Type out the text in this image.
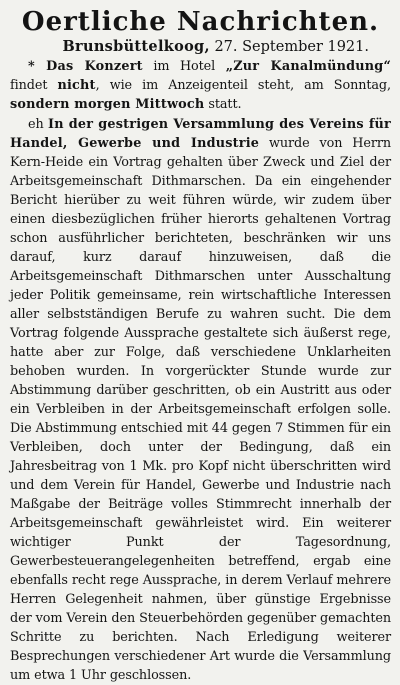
Oertliche Nachrichten.

Brunsbüttelkoog, 27. September 1921.

* Das Konzert im Hotel „Zur Kanalmündung“ findet nicht, wie im Anzeigenteil steht, am Sonntag, sondern morgen Mittwoch statt.

eh In der gestrigen Versammlung des Vereins für Handel, Gewerbe und Industrie wurde von Herrn Kern-Heide ein Vortrag gehalten über Zweck und Ziel der Arbeitsgemeinschaft Dithmarschen. Da ein eingehender Bericht hierüber zu weit führen würde, wir zudem über einen diesbezüglichen früher hierorts gehaltenen Vortrag schon ausführlicher berichteten, beschränken wir uns darauf, kurz darauf hinzuweisen, daß die Arbeitsgemeinschaft Dithmarschen unter Ausschaltung jeder Politik gemeinsame, rein wirtschaftliche Interessen aller selbstständigen Berufe zu wahren sucht. Die dem Vortrag folgende Aussprache gestaltete sich äußerst rege, hatte aber zur Folge, daß verschiedene Unklarheiten behoben wurden. In vorgerückter Stunde wurde zur Abstimmung darüber geschritten, ob ein Austritt aus oder ein Verbleiben in der Arbeitsgemeinschaft erfolgen solle. Die Abstimmung entschied mit 44 gegen 7 Stimmen für ein Verbleiben, doch unter der Bedingung, daß ein Jahresbeitrag von 1 Mk. pro Kopf nicht überschritten wird und dem Verein für Handel, Gewerbe und Industrie nach Maßgabe der Beiträge volles Stimmrecht innerhalb der Arbeitsgemeinschaft gewährleistet wird. Ein weiterer wichtiger Punkt der Tagesordnung, Gewerbesteuerangelegenheiten betreffend, ergab eine ebenfalls recht rege Aussprache, in derem Verlauf mehrere Herren Gelegenheit nahmen, über günstige Ergebnisse der vom Verein den Steuerbehörden gegenüber gemachten Schritte zu berichten. Nach Erledigung weiterer Besprechungen verschiedener Art wurde die Versammlung um etwa 1 Uhr geschlossen.
